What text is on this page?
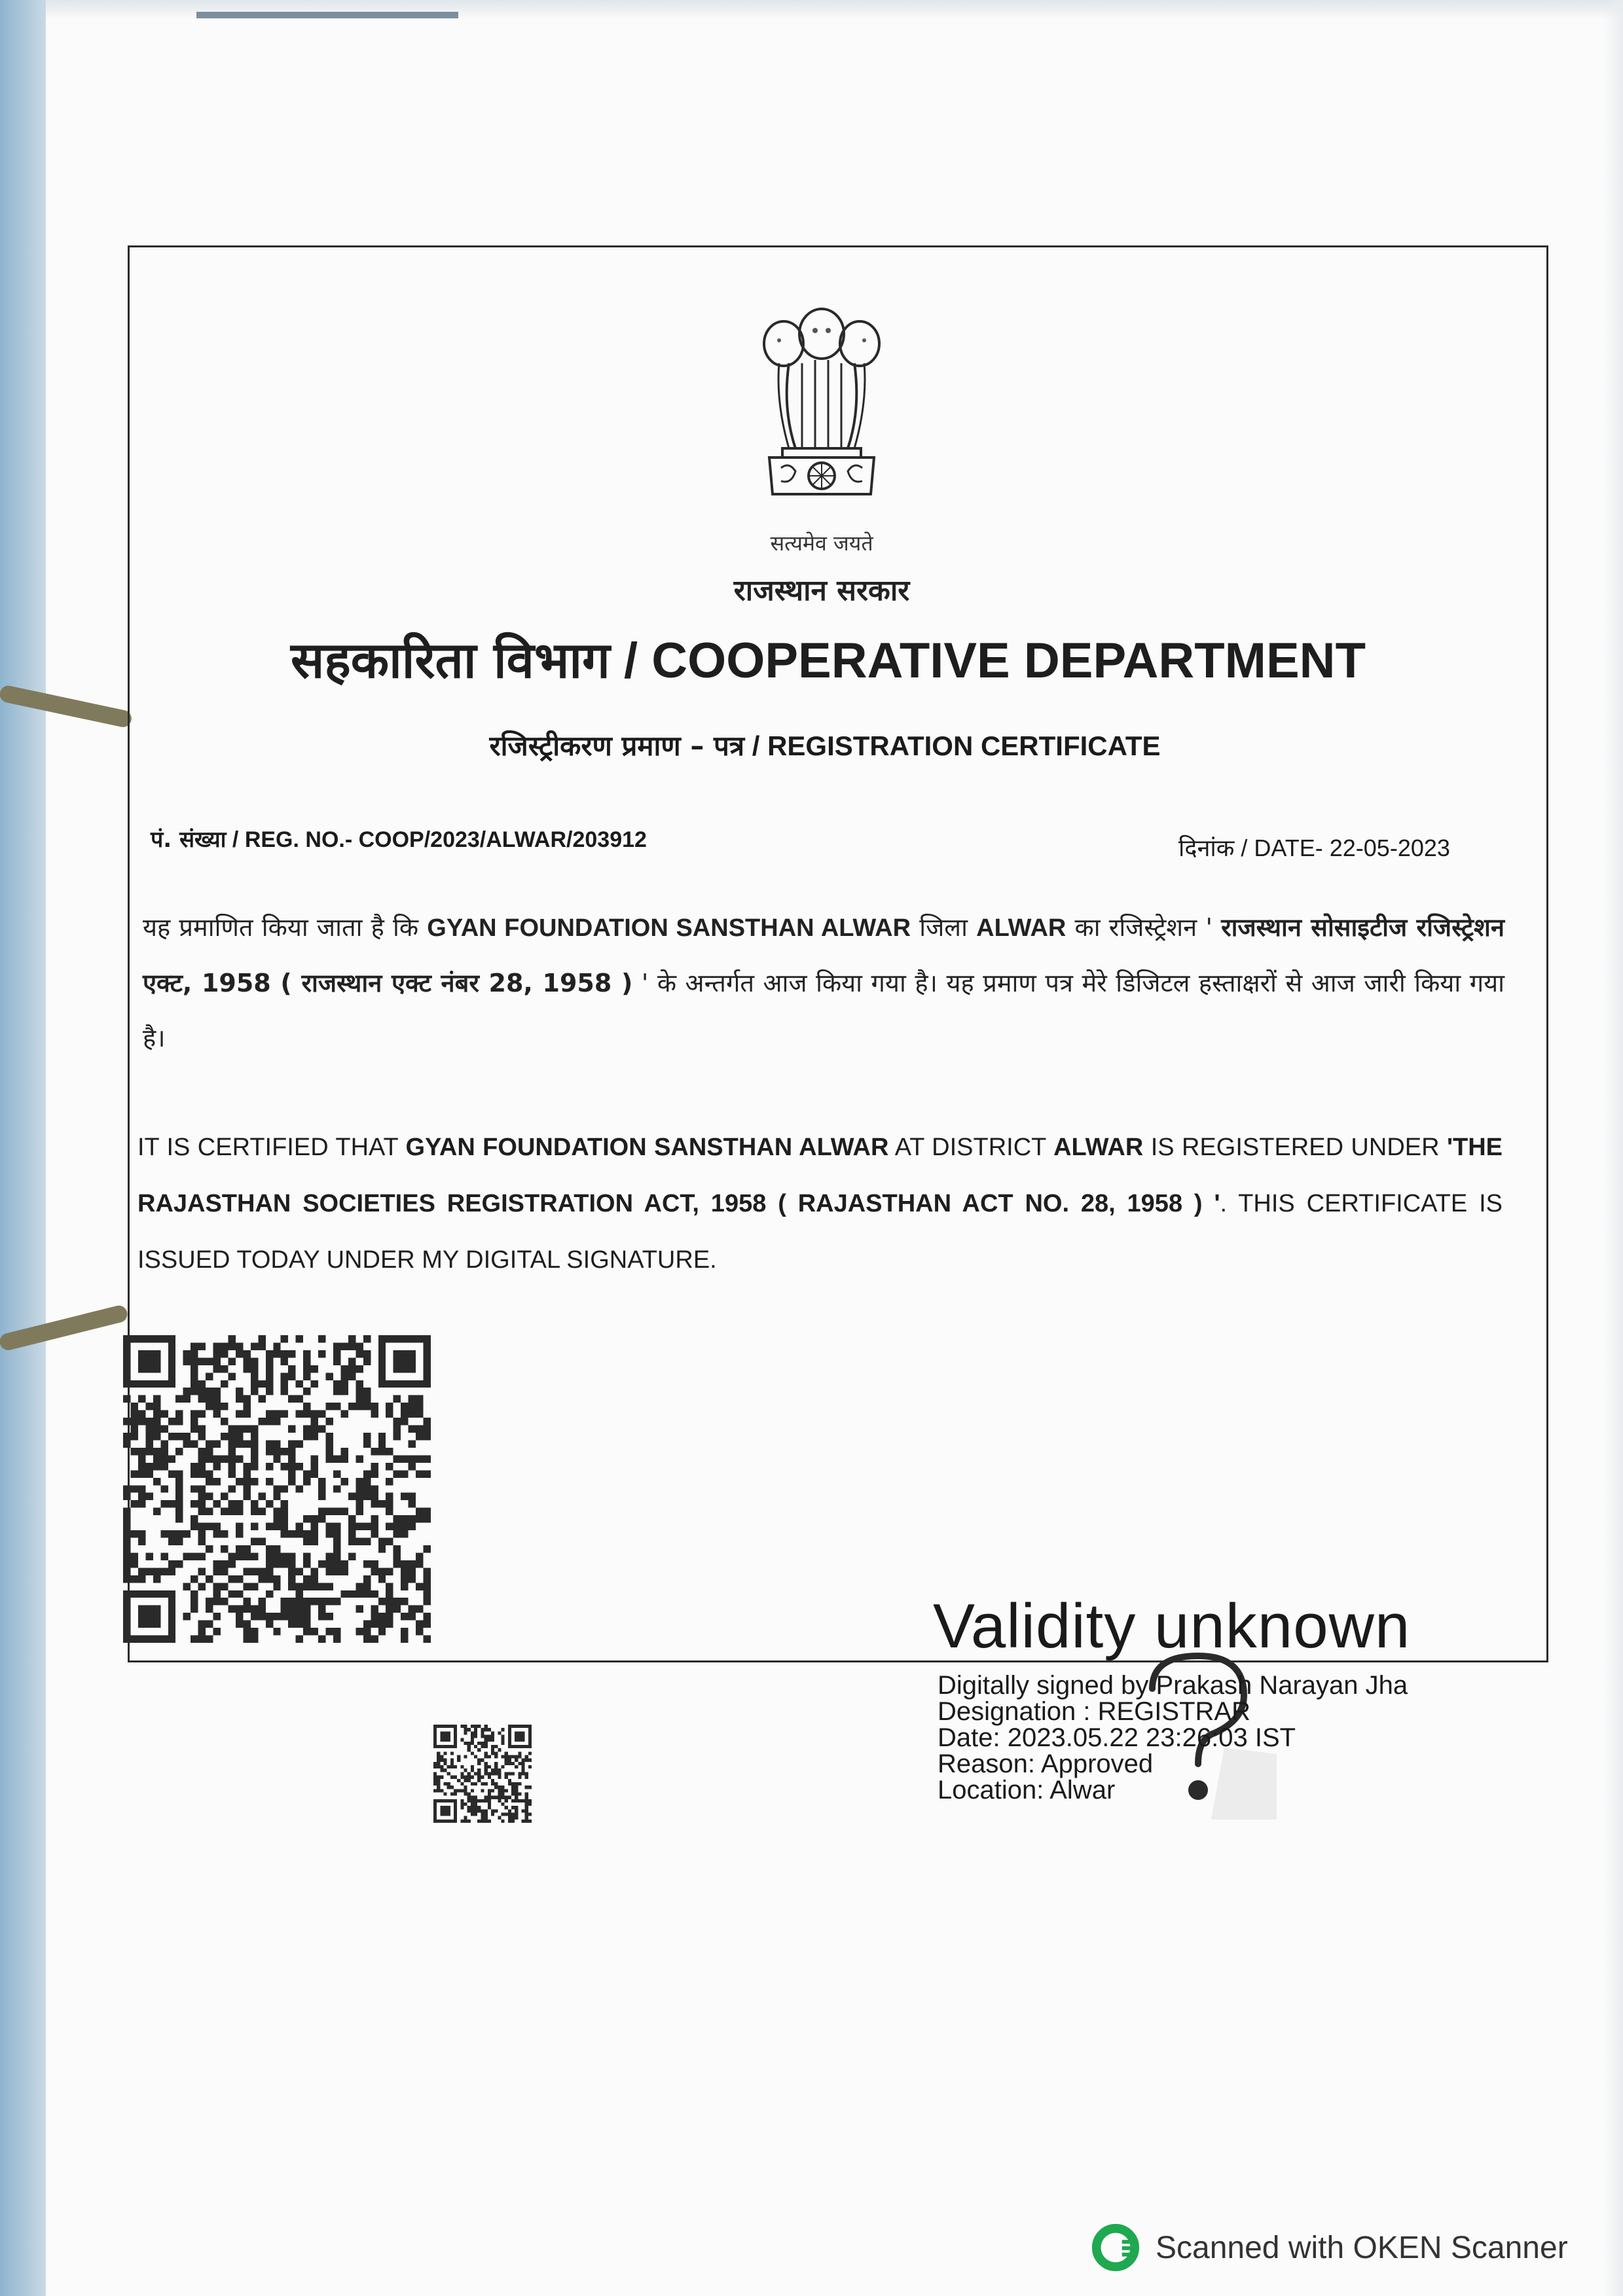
सत्यमेव जयते
राजस्थान सरकार
सहकारिता विभाग / COOPERATIVE DEPARTMENT
रजिस्ट्रीकरण प्रमाण – पत्र / REGISTRATION CERTIFICATE
पं. संख्या / REG. NO.- COOP/2023/ALWAR/203912	दिनांक / DATE- 22-05-2023
यह प्रमाणित किया जाता है कि GYAN FOUNDATION SANSTHAN ALWAR जिला ALWAR का रजिस्ट्रेशन ' राजस्थान सोसाइटीज रजिस्ट्रेशन एक्ट, 1958 ( राजस्थान एक्ट नंबर 28, 1958 ) ' के अन्तर्गत आज किया गया है। यह प्रमाण पत्र मेरे डिजिटल हस्ताक्षरों से आज जारी किया गया है।
IT IS CERTIFIED THAT GYAN FOUNDATION SANSTHAN ALWAR AT DISTRICT ALWAR IS REGISTERED UNDER 'THE RAJASTHAN SOCIETIES REGISTRATION ACT, 1958 ( RAJASTHAN ACT NO. 28, 1958 ) '. THIS CERTIFICATE IS ISSUED TODAY UNDER MY DIGITAL SIGNATURE.
Validity unknown
Digitally signed by Prakash Narayan Jha
Designation : REGISTRAR
Date: 2023.05.22 23:26:03 IST
Reason: Approved
Location: Alwar
Scanned with OKEN Scanner
